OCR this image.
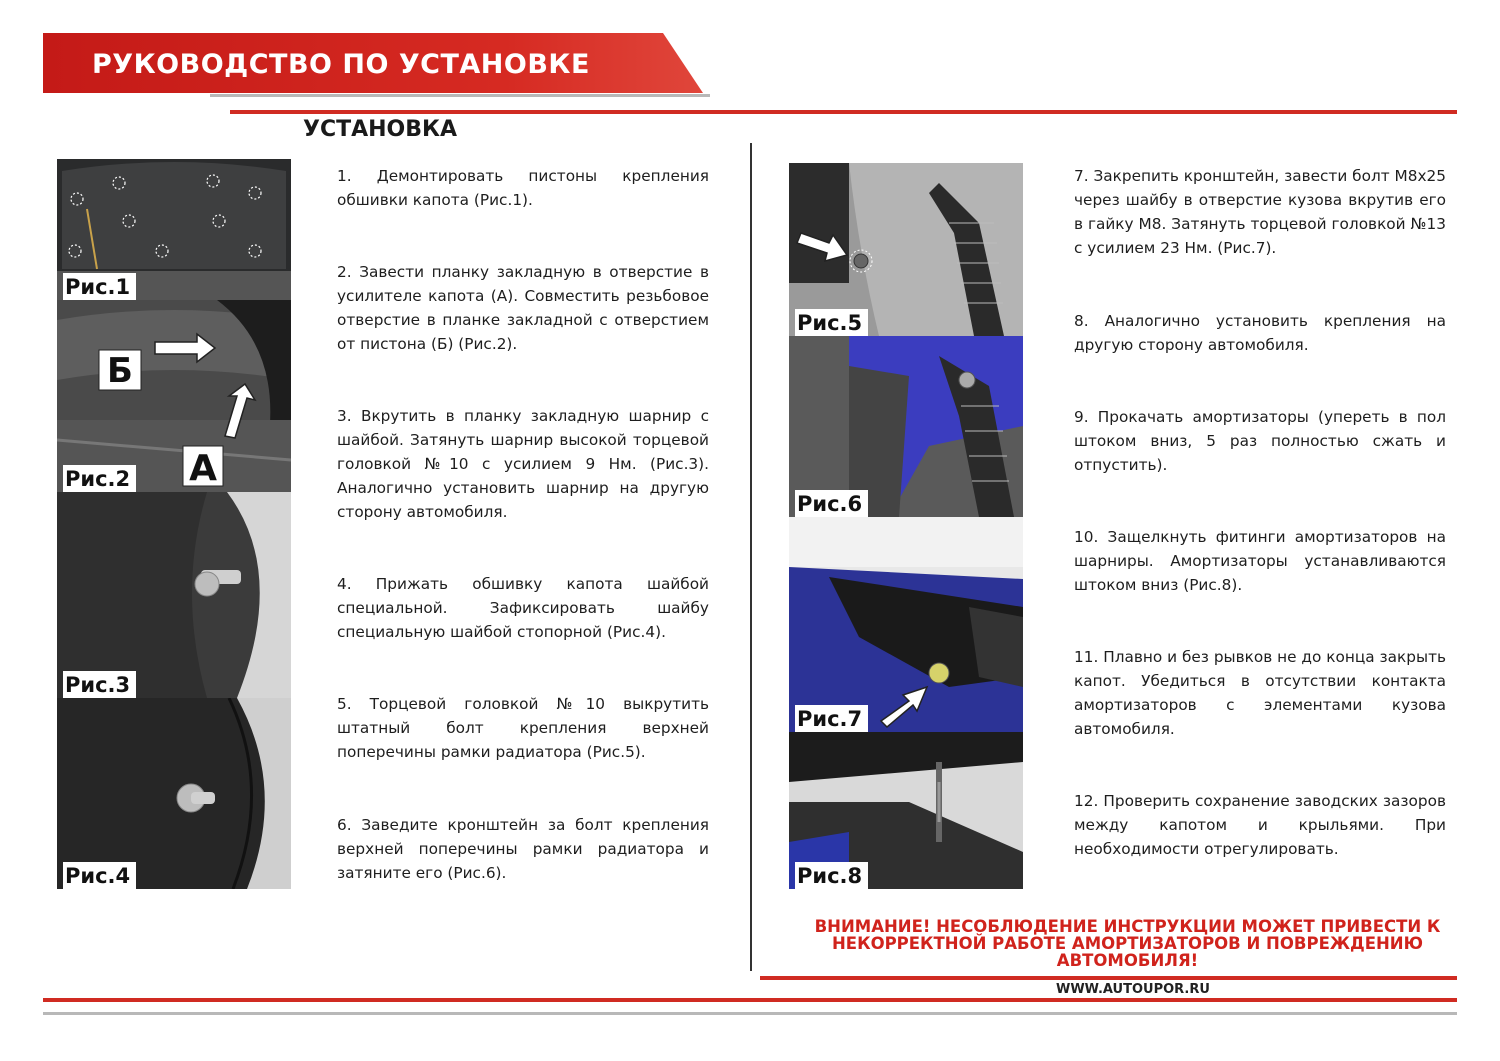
РУКОВОДСТВО ПО УСТАНОВКЕ
УСТАНОВКА
Рис.1
Б
А
Рис.2
Рис.3
Рис.4

1. Демонтировать пистоны крепления обшивки капота (Рис.1).

2. Завести планку закладную в отверстие в усилителе капота (А). Совместить резьбовое отверстие в планке закладной с отверстием от пистона (Б) (Рис.2).

3. Вкрутить в планку закладную шарнир с шайбой. Затянуть шарнир высокой торцевой головкой №10 с усилием 9 Нм. (Рис.3). Аналогично установить шарнир на другую сторону автомобиля.

4. Прижать обшивку капота шайбой специальной. Зафиксировать шайбу специальную шайбой стопорной (Рис.4).

5. Торцевой головкой №10 выкрутить штатный болт крепления верхней поперечины рамки радиатора (Рис.5).

6. Заведите кронштейн за болт крепления верхней поперечины рамки радиатора и затяните его (Рис.6).

Рис.5
Рис.6
Рис.7
Рис.8

7. Закрепить кронштейн, завести болт М8х25 через шайбу в отверстие кузова вкрутив его в гайку М8. Затянуть торцевой головкой №13 с усилием 23 Нм. (Рис.7).

8. Аналогично установить крепления на другую сторону автомобиля.

9. Прокачать амортизаторы (упереть в пол штоком вниз, 5 раз полностью сжать и отпустить).

10. Защелкнуть фитинги амортизаторов на шарниры. Амортизаторы устанавливаются штоком вниз (Рис.8).

11. Плавно и без рывков не до конца закрыть капот. Убедиться в отсутствии контакта амортизаторов с элементами кузова автомобиля.

12. Проверить сохранение заводских зазоров между капотом и крыльями. При необходимости отрегулировать.

ВНИМАНИЕ! НЕСОБЛЮДЕНИЕ ИНСТРУКЦИИ МОЖЕТ ПРИВЕСТИ К
НЕКОРРЕКТНОЙ РАБОТЕ АМОРТИЗАТОРОВ И ПОВРЕЖДЕНИЮ
АВТОМОБИЛЯ!
WWW.AUTOUPOR.RU
